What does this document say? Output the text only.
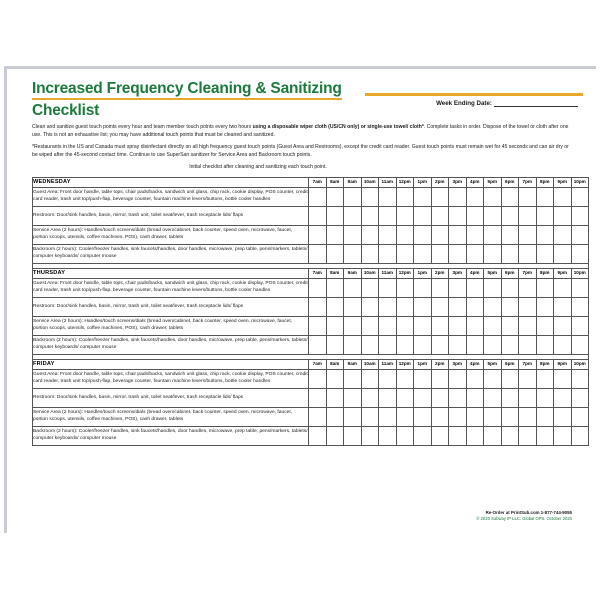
Increased Frequency Cleaning & Sanitizing
Checklist	Week Ending Date:

Clean and sanitize guest touch points every hour and team member touch points every two hours using a disposable wiper cloth (US/CN only) or single-use towel/ cloth*. Complete tasks in order. Dispose of the towel or cloth after one use. This is not an exhaustive list; you may have additional touch points that must be cleaned and sanitized.

*Restaurants in the US and Canada must spray disinfectant directly on all high frequency guest touch points (Guest Area and Restrooms), except the credit card reader. Guest touch points must remain wet for 45 seconds and can air dry or be wiped after the 45-second contact time. Continue to use SuperSan sanitizer for Service Area and Backroom touch points.

Initial checklist after cleaning and sanitizing each touch point.

WEDNESDAY	7am	8am	9am	10am	11am	12pm	1pm	2pm	3pm	4pm	5pm	6pm	7pm	8pm	9pm	10pm
Guest Area: Front door handle, table tops, chair pads/backs, sandwich unit glass, chip rack, cookie display, POS counter, credit card reader, trash unit top/push-flap, beverage counter, fountain machine levers/buttons, bottle cooler handles																
Restroom: Door/sink handles, basin, mirror, trash unit, toilet seat/lever, trash receptacle lids/ flaps																
Service Area (2 hours): Handles/touch screens/dials (bread oven/cabinet, back counter, speed oven, microwave, faucet, portion scoops, utensils, coffee machines, POS), cash drawer, tablets																
Backroom (2 hours): Cooler/freezer handles, sink faucets/handles, door handles, microwave, prep table, pens/markers, tablets/ computer keyboards/ computer mouse																

THURSDAY	7am	8am	9am	10am	11am	12pm	1pm	2pm	3pm	4pm	5pm	6pm	7pm	8pm	9pm	10pm
Guest Area: Front door handle, table tops, chair pads/backs, sandwich unit glass, chip rack, cookie display, POS counter, credit card reader, trash unit top/push-flap, beverage counter, fountain machine levers/buttons, bottle cooler handles																
Restroom: Door/sink handles, basin, mirror, trash unit, toilet seat/lever, trash receptacle lids/ flaps																
Service Area (2 hours): Handles/touch screens/dials (bread oven/cabinet, back counter, speed oven, microwave, faucet, portion scoops, utensils, coffee machines, POS), cash drawer, tablets																
Backroom (2 hours): Cooler/freezer handles, sink faucets/handles, door handles, microwave, prep table, pens/markers, tablets/ computer keyboards/ computer mouse																

FRIDAY	7am	8am	9am	10am	11am	12pm	1pm	2pm	3pm	4pm	5pm	6pm	7pm	8pm	9pm	10pm
Guest Area: Front door handle, table tops, chair pads/backs, sandwich unit glass, chip rack, cookie display, POS counter, credit card reader, trash unit top/push-flap, beverage counter, fountain machine levers/buttons, bottle cooler handles																
Restroom: Door/sink handles, basin, mirror, trash unit, toilet seat/lever, trash receptacle lids/ flaps																
Service Area (2 hours): Handles/touch screens/dials (bread oven/cabinet, back counter, speed oven, microwave, faucet, portion scoops, utensils, coffee machines, POS), cash drawer, tablets																
Backroom (2 hours): Cooler/freezer handles, sink faucets/handles, door handles, microwave, prep table, pens/markers, tablets/ computer keyboards/ computer mouse																
Re-Order at PrintSub.com 1-877-744-9055
© 2020 Subway IP LLC. Global OPS. October 2020
